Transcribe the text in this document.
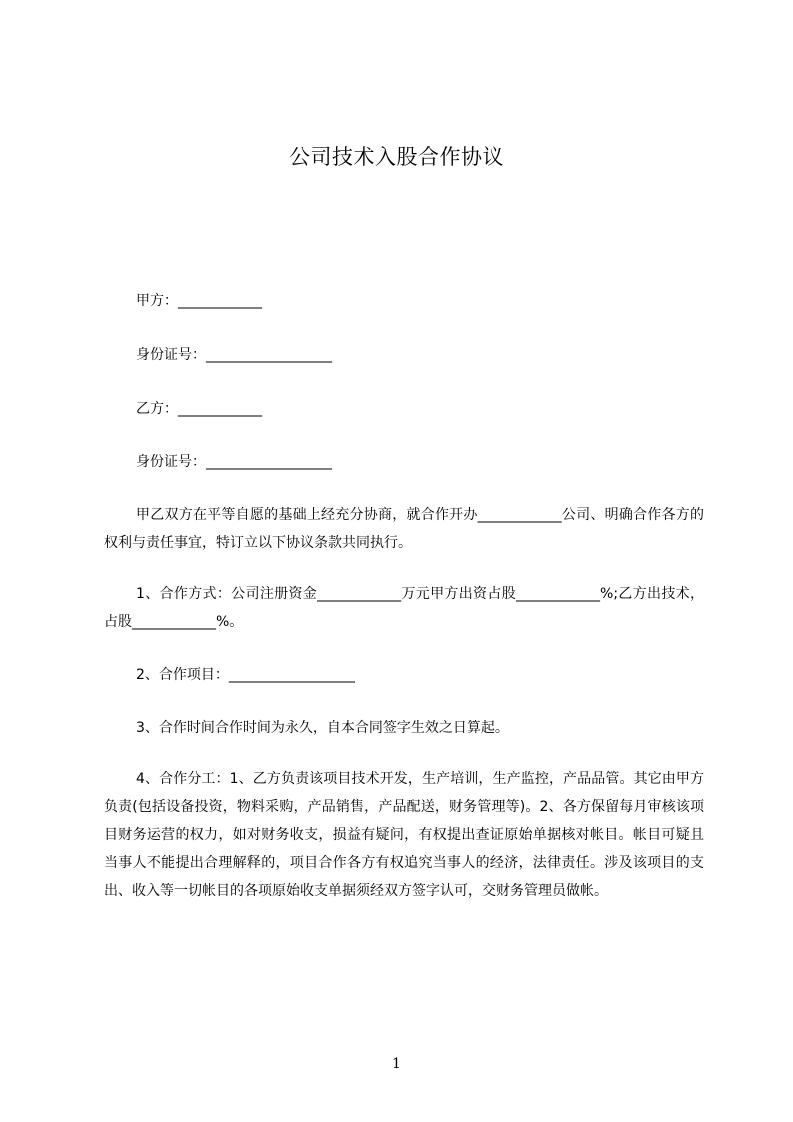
公司技术入股合作协议
甲方：____________
身份证号：__________________
乙方：____________
身份证号：__________________
甲乙双方在平等自愿的基础上经充分协商，就合作开办____________公司、明确合作各方的权利与责任事宜，特订立以下协议条款共同执行。
1、合作方式：公司注册资金____________万元甲方出资占股____________%;乙方出技术，占股____________%。
2、合作项目：__________________
3、合作时间合作时间为永久，自本合同签字生效之日算起。
4、合作分工：1、乙方负责该项目技术开发，生产培训，生产监控，产品品管。其它由甲方负责(包括设备投资，物料采购，产品销售，产品配送，财务管理等)。2、各方保留每月审核该项目财务运营的权力，如对财务收支，损益有疑问，有权提出查证原始单据核对帐目。帐目可疑且当事人不能提出合理解释的，项目合作各方有权追究当事人的经济，法律责任。涉及该项目的支出、收入等一切帐目的各项原始收支单据须经双方签字认可，交财务管理员做帐。
1
